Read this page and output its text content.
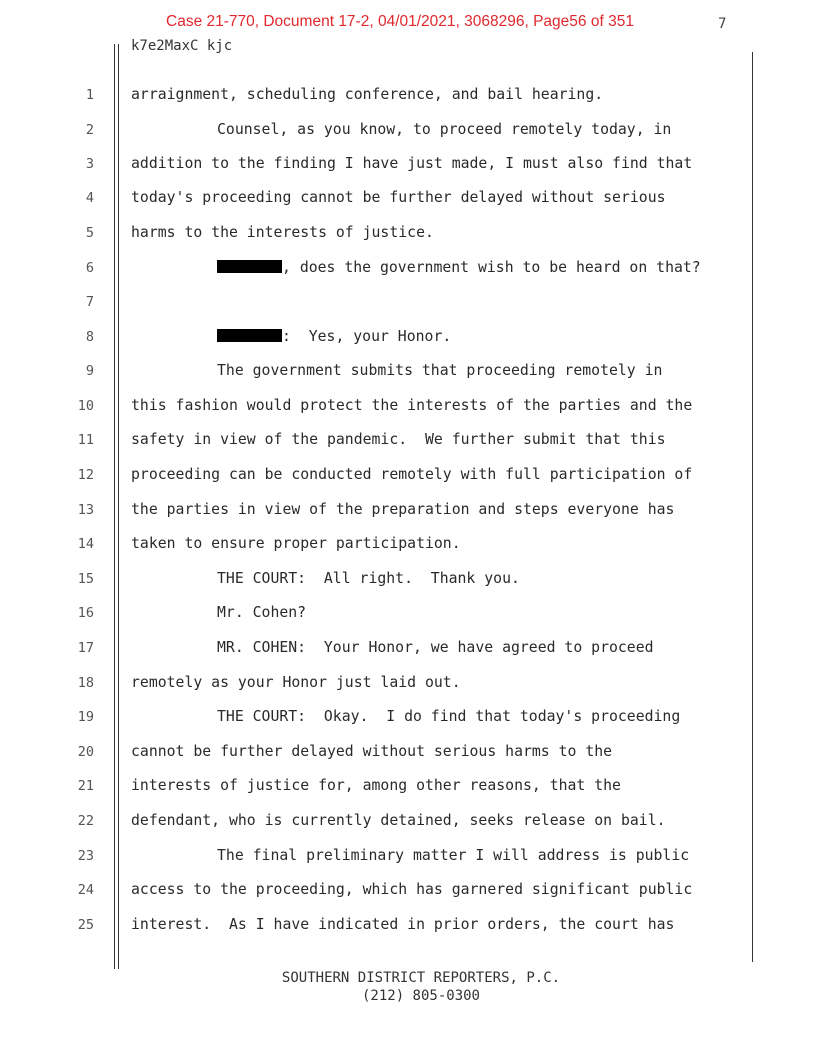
Case 21-770, Document 17-2, 04/01/2021, 3068296, Page56 of 351	7
k7e2MaxC kjc
1	arraignment, scheduling conference, and bail hearing.
2	Counsel, as you know, to proceed remotely today, in
3	addition to the finding I have just made, I must also find that
4	today's proceeding cannot be further delayed without serious
5	harms to the interests of justice.
6	, does the government wish to be heard on that?
7
8	:  Yes, your Honor.
9	The government submits that proceeding remotely in
10	this fashion would protect the interests of the parties and the
11	safety in view of the pandemic.  We further submit that this
12	proceeding can be conducted remotely with full participation of
13	the parties in view of the preparation and steps everyone has
14	taken to ensure proper participation.
15	THE COURT:  All right.  Thank you.
16	Mr. Cohen?
17	MR. COHEN:  Your Honor, we have agreed to proceed
18	remotely as your Honor just laid out.
19	THE COURT:  Okay.  I do find that today's proceeding
20	cannot be further delayed without serious harms to the
21	interests of justice for, among other reasons, that the
22	defendant, who is currently detained, seeks release on bail.
23	The final preliminary matter I will address is public
24	access to the proceeding, which has garnered significant public
25	interest.  As I have indicated in prior orders, the court has
SOUTHERN DISTRICT REPORTERS, P.C.
(212) 805-0300
